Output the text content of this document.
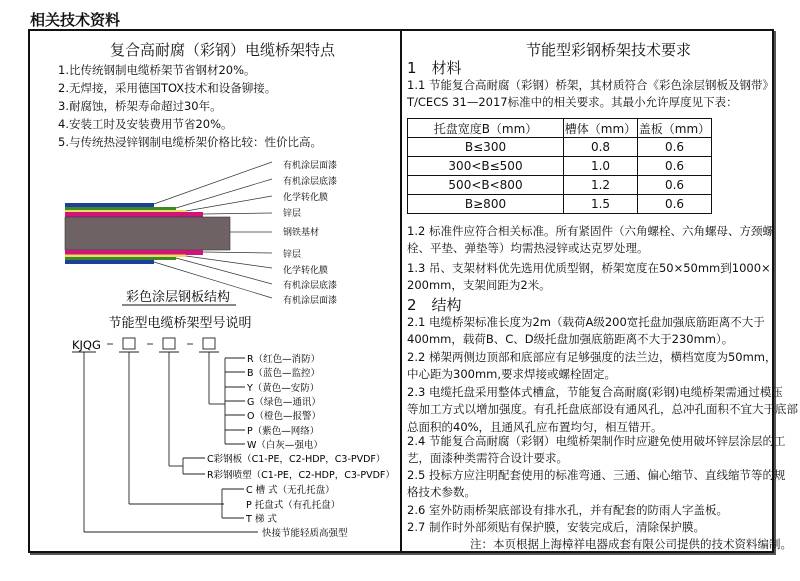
相关技术资料
复合高耐腐（彩钢）电缆桥架特点
1.比传统钢制电缆桥架节省钢材20%。
2.无焊接，采用德国TOX技术和设备铆接。
3.耐腐蚀，桥架寿命超过30年。
4.安装工时及安装费用节省20%。
5.与传统热浸锌钢制电缆桥架价格比较：性价比高。
有机涂层面漆
有机涂层底漆
化学转化膜
锌层
钢铁基材
锌层
化学转化膜
有机涂层底漆
有机涂层面漆
彩色涂层钢板结构
节能型电缆桥架型号说明
KJQG
R（红色—消防）
B（蓝色—监控）
Y（黄色—安防）
G（绿色—通讯）
O（橙色—报警）
P（紫色—网络）
W（白灰—强电）
C彩钢板（C1-PE，C2-HDP，C3-PVDF）
R彩钢喷塑（C1-PE，C2-HDP，C3-PVDF）
C 槽 式（无孔托盘）
P 托盘式（有孔托盘）
T 梯 式
快接节能轻质高强型
节能型彩钢桥架技术要求
1　材料
1.1 节能复合高耐腐（彩钢）桥架，其材质符合《彩色涂层钢板及钢带》
T/CECS 31—2017标准中的相关要求。其最小允许厚度见下表：
1.2 标准件应符合相关标准。所有紧固件（六角螺栓、六角螺母、方颈螺
栓、平垫、弹垫等）均需热浸锌或达克罗处理。
1.3 吊、支架材料优先选用优质型钢，桥架宽度在50×50mm到1000×
200mm，支架间距为2米。
2.1 电缆桥架标准长度为2m（载荷A级200宽托盘加强底筋距离不大于
400mm，载荷B、C、D级托盘加强底筋距离不大于230mm）。
2.2 梯架两侧边顶部和底部应有足够强度的法兰边，横档宽度为50mm，
中心距为300mm,要求焊接或螺栓固定。
2.3 电缆托盘采用整体式槽盒，节能复合高耐腐(彩钢)电缆桥架需通过模压
等加工方式以增加强度。有孔托盘底部设有通风孔，总冲孔面积不宜大于底部
总面积的40%，且通风孔应布置均匀，相互错开。
2.4 节能复合高耐腐（彩钢）电缆桥架制作时应避免使用破坏锌层涂层的工
艺，面漆种类需符合设计要求。
2.5 投标方应注明配套使用的标准弯通、三通、偏心缩节、直线缩节等的规
格技术参数。
2.6 室外防雨桥架底部设有排水孔，并有配套的防雨人字盖板。
2.7 制作时外部须贴有保护膜，安装完成后，清除保护膜。
2　结构
注：本页根据上海樟祥电器成套有限公司提供的技术资料编制。
托盘宽度B（mm）	槽体（mm）	盖板（mm）
B≤300	0.8	0.6
300<B≤500	1.0	0.6
500<B<800	1.2	0.6
B≥800	1.5	0.6
